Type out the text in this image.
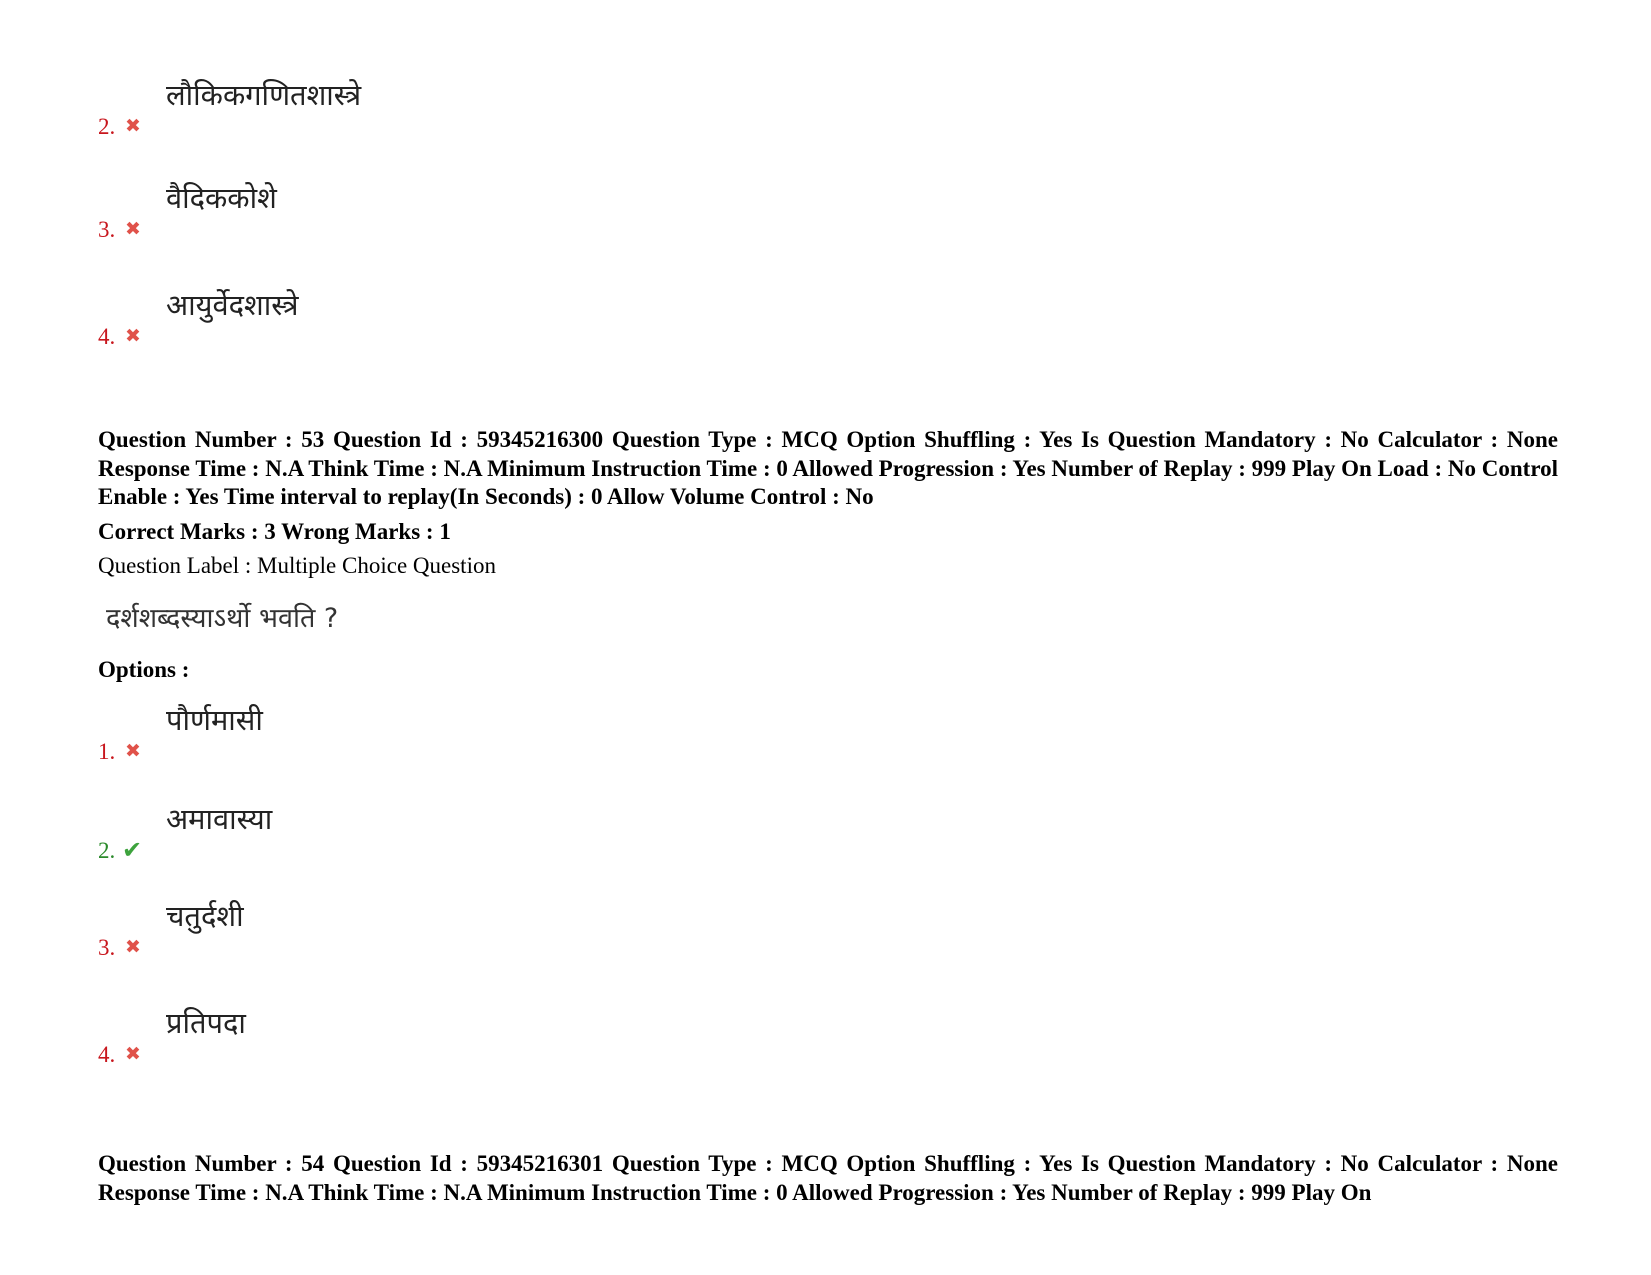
2. ✖
लौकिकगणितशास्त्रे
3. ✖
वैदिककोशे
4. ✖
आयुर्वेदशास्त्रे
Question Number : 53 Question Id : 59345216300 Question Type : MCQ Option Shuffling : Yes Is Question Mandatory : No Calculator : None Response Time : N.A Think Time : N.A Minimum Instruction Time : 0 Allowed Progression : Yes Number of Replay : 999 Play On Load : No Control Enable : Yes Time interval to replay(In Seconds) : 0 Allow Volume Control : No
Correct Marks : 3 Wrong Marks : 1
Question Label : Multiple Choice Question
दर्शशब्दस्याऽर्थो भवति ?
Options :
1. ✖
पौर्णमासी
2. ✔
अमावास्या
3. ✖
चतुर्दशी
4. ✖
प्रतिपदा
Question Number : 54 Question Id : 59345216301 Question Type : MCQ Option Shuffling : Yes Is Question Mandatory : No Calculator : None Response Time : N.A Think Time : N.A Minimum Instruction Time : 0 Allowed Progression : Yes Number of Replay : 999 Play On
